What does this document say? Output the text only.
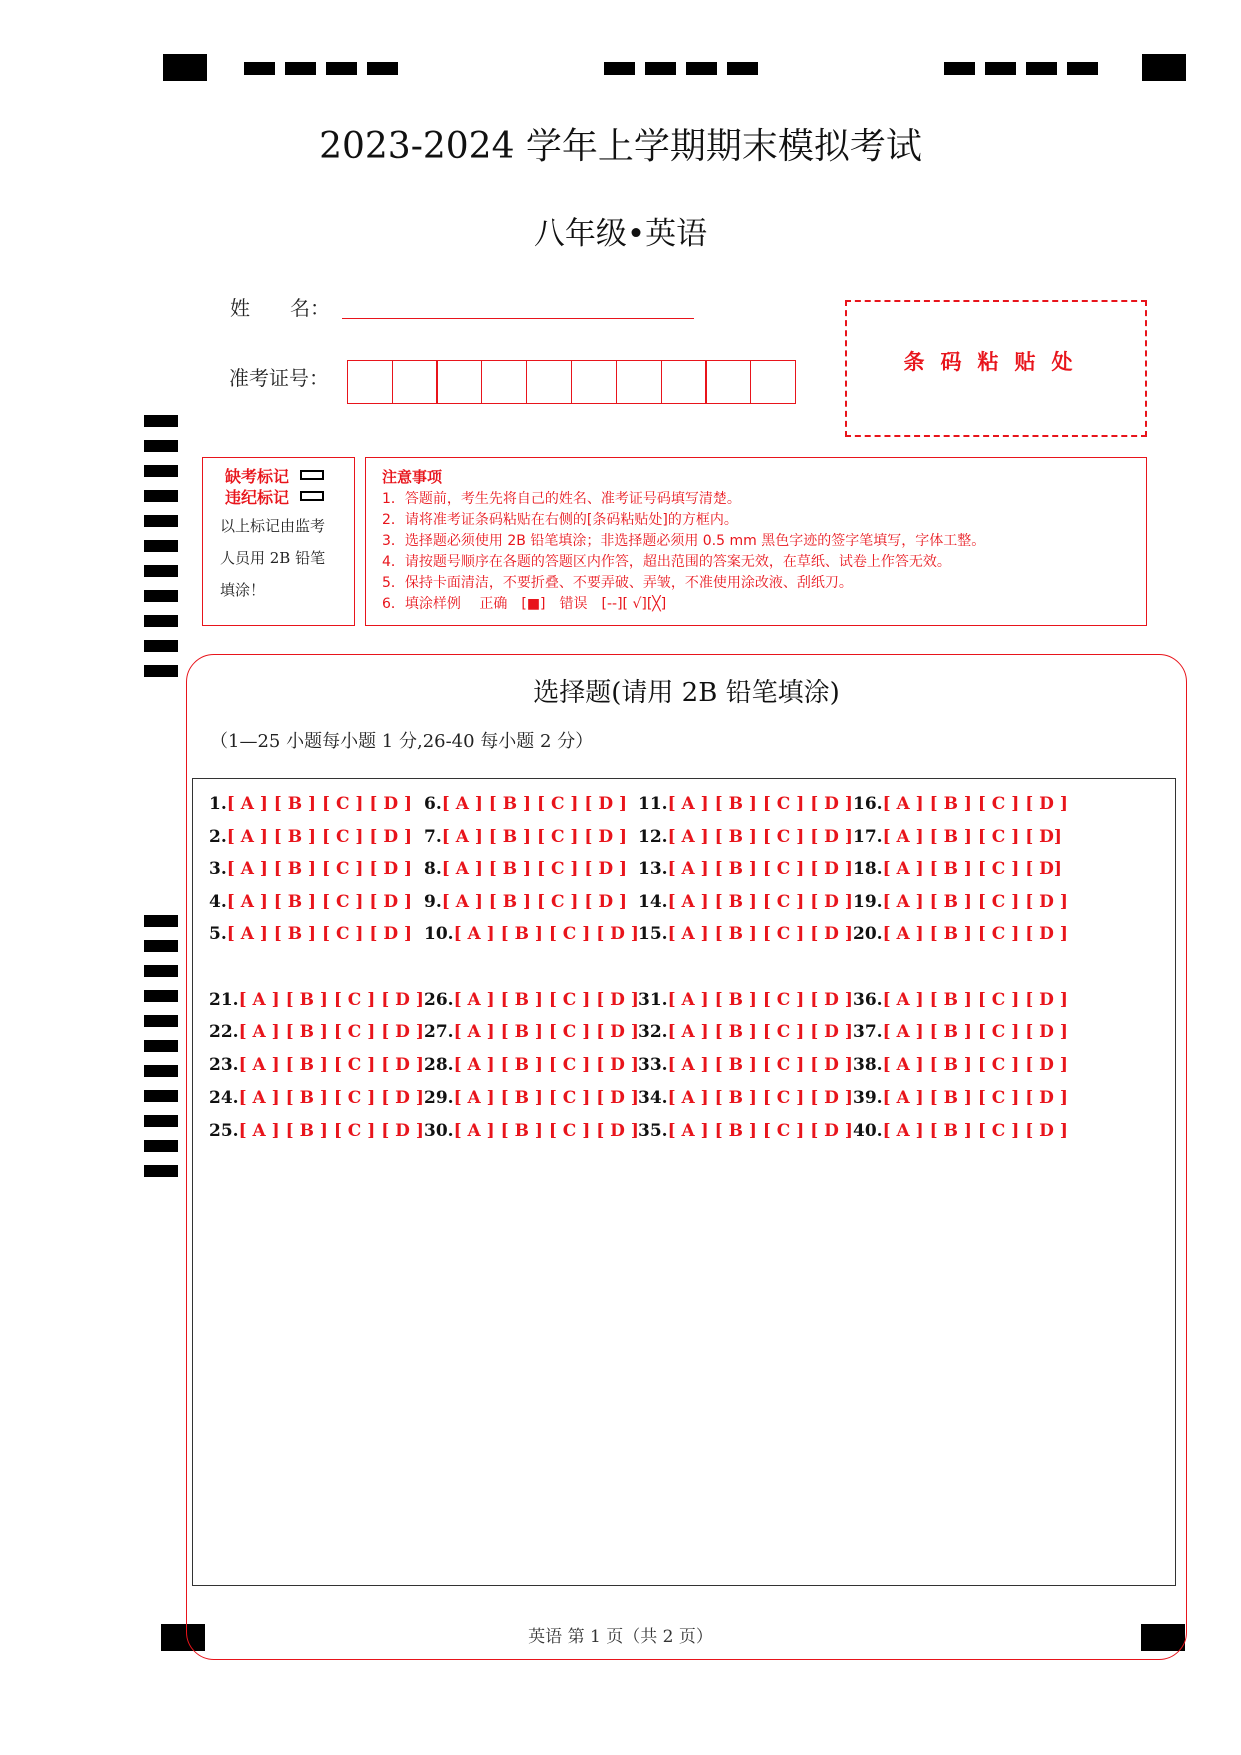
2023-2024 学年上学期期末模拟考试
八年级•英语
姓　　名：
准考证号：
条码粘贴处
缺考标记
违纪标记
以上标记由监考
人员用 2B 铅笔
填涂！
注意事项
1．答题前，考生先将自己的姓名、准考证号码填写清楚。
2．请将准考证条码粘贴在右侧的[条码粘贴处]的方框内。
3．选择题必须使用 2B 铅笔填涂；非选择题必须用 0.5 mm 黑色字迹的签字笔填写，字体工整。
4．请按题号顺序在各题的答题区内作答，超出范围的答案无效，在草纸、试卷上作答无效。
5．保持卡面清洁，不要折叠、不要弄破、弄皱，不准使用涂改液、刮纸刀。
6．填涂样例　 正确　[■]　错误　[--][ √][╳]
选择题(请用 2B 铅笔填涂)
（1—25 小题每小题 1 分,26-40 每小题 2 分）
1.[ A ] [ B ] [ C ] [ D ]
2.[ A ] [ B ] [ C ] [ D ]
3.[ A ] [ B ] [ C ] [ D ]
4.[ A ] [ B ] [ C ] [ D ]
5.[ A ] [ B ] [ C ] [ D ]
6.[ A ] [ B ] [ C ] [ D ]
7.[ A ] [ B ] [ C ] [ D ]
8.[ A ] [ B ] [ C ] [ D ]
9.[ A ] [ B ] [ C ] [ D ]
10.[ A ] [ B ] [ C ] [ D ]
11.[ A ] [ B ] [ C ] [ D ]
12.[ A ] [ B ] [ C ] [ D ]
13.[ A ] [ B ] [ C ] [ D ]
14.[ A ] [ B ] [ C ] [ D ]
15.[ A ] [ B ] [ C ] [ D ]
16.[ A ] [ B ] [ C ] [ D ]
17.[ A ] [ B ] [ C ] [ D]
18.[ A ] [ B ] [ C ] [ D]
19.[ A ] [ B ] [ C ] [ D ]
20.[ A ] [ B ] [ C ] [ D ]
21.[ A ] [ B ] [ C ] [ D ]
22.[ A ] [ B ] [ C ] [ D ]
23.[ A ] [ B ] [ C ] [ D ]
24.[ A ] [ B ] [ C ] [ D ]
25.[ A ] [ B ] [ C ] [ D ]
26.[ A ] [ B ] [ C ] [ D ]
27.[ A ] [ B ] [ C ] [ D ]
28.[ A ] [ B ] [ C ] [ D ]
29.[ A ] [ B ] [ C ] [ D ]
30.[ A ] [ B ] [ C ] [ D ]
31.[ A ] [ B ] [ C ] [ D ]
32.[ A ] [ B ] [ C ] [ D ]
33.[ A ] [ B ] [ C ] [ D ]
34.[ A ] [ B ] [ C ] [ D ]
35.[ A ] [ B ] [ C ] [ D ]
36.[ A ] [ B ] [ C ] [ D ]
37.[ A ] [ B ] [ C ] [ D ]
38.[ A ] [ B ] [ C ] [ D ]
39.[ A ] [ B ] [ C ] [ D ]
40.[ A ] [ B ] [ C ] [ D ]
英语 第 1 页（共 2 页）
